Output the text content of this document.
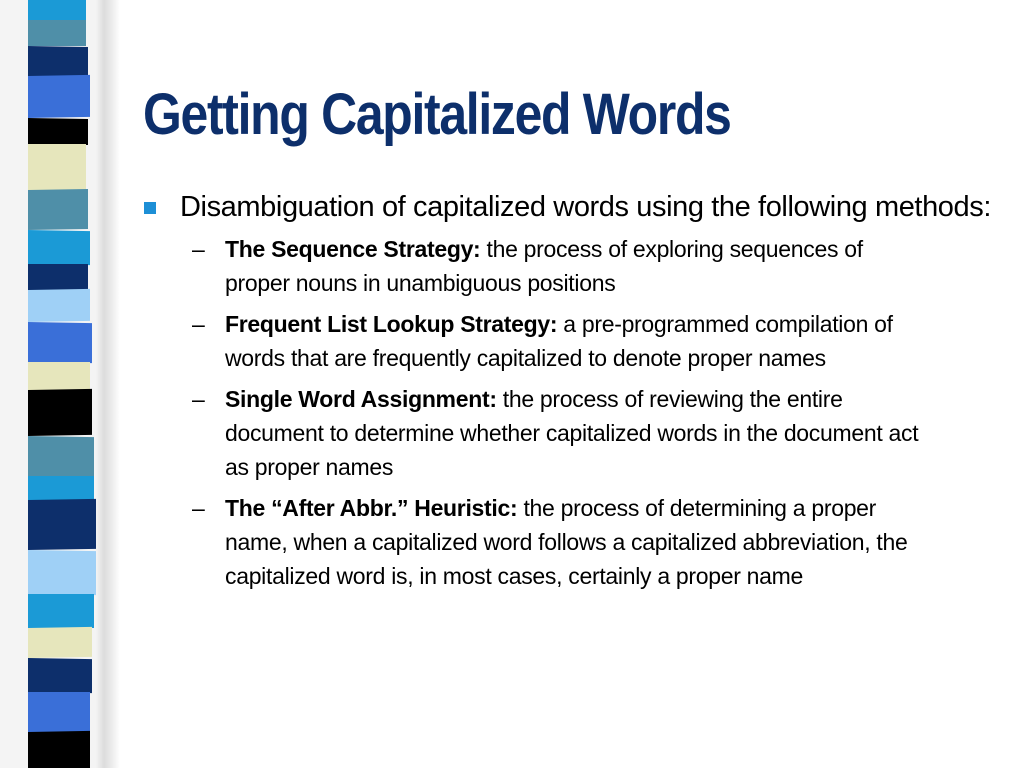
Getting Capitalized Words
Disambiguation of capitalized words using the following methods:
– The Sequence Strategy: the process of exploring sequences of proper nouns in unambiguous positions
– Frequent List Lookup Strategy: a pre-programmed compilation of words that are frequently capitalized to denote proper names
– Single Word Assignment: the process of reviewing the entire document to determine whether capitalized words in the document act as proper names
– The “After Abbr.” Heuristic: the process of determining a proper name, when a capitalized word follows a capitalized abbreviation, the capitalized word is, in most cases, certainly a proper name
